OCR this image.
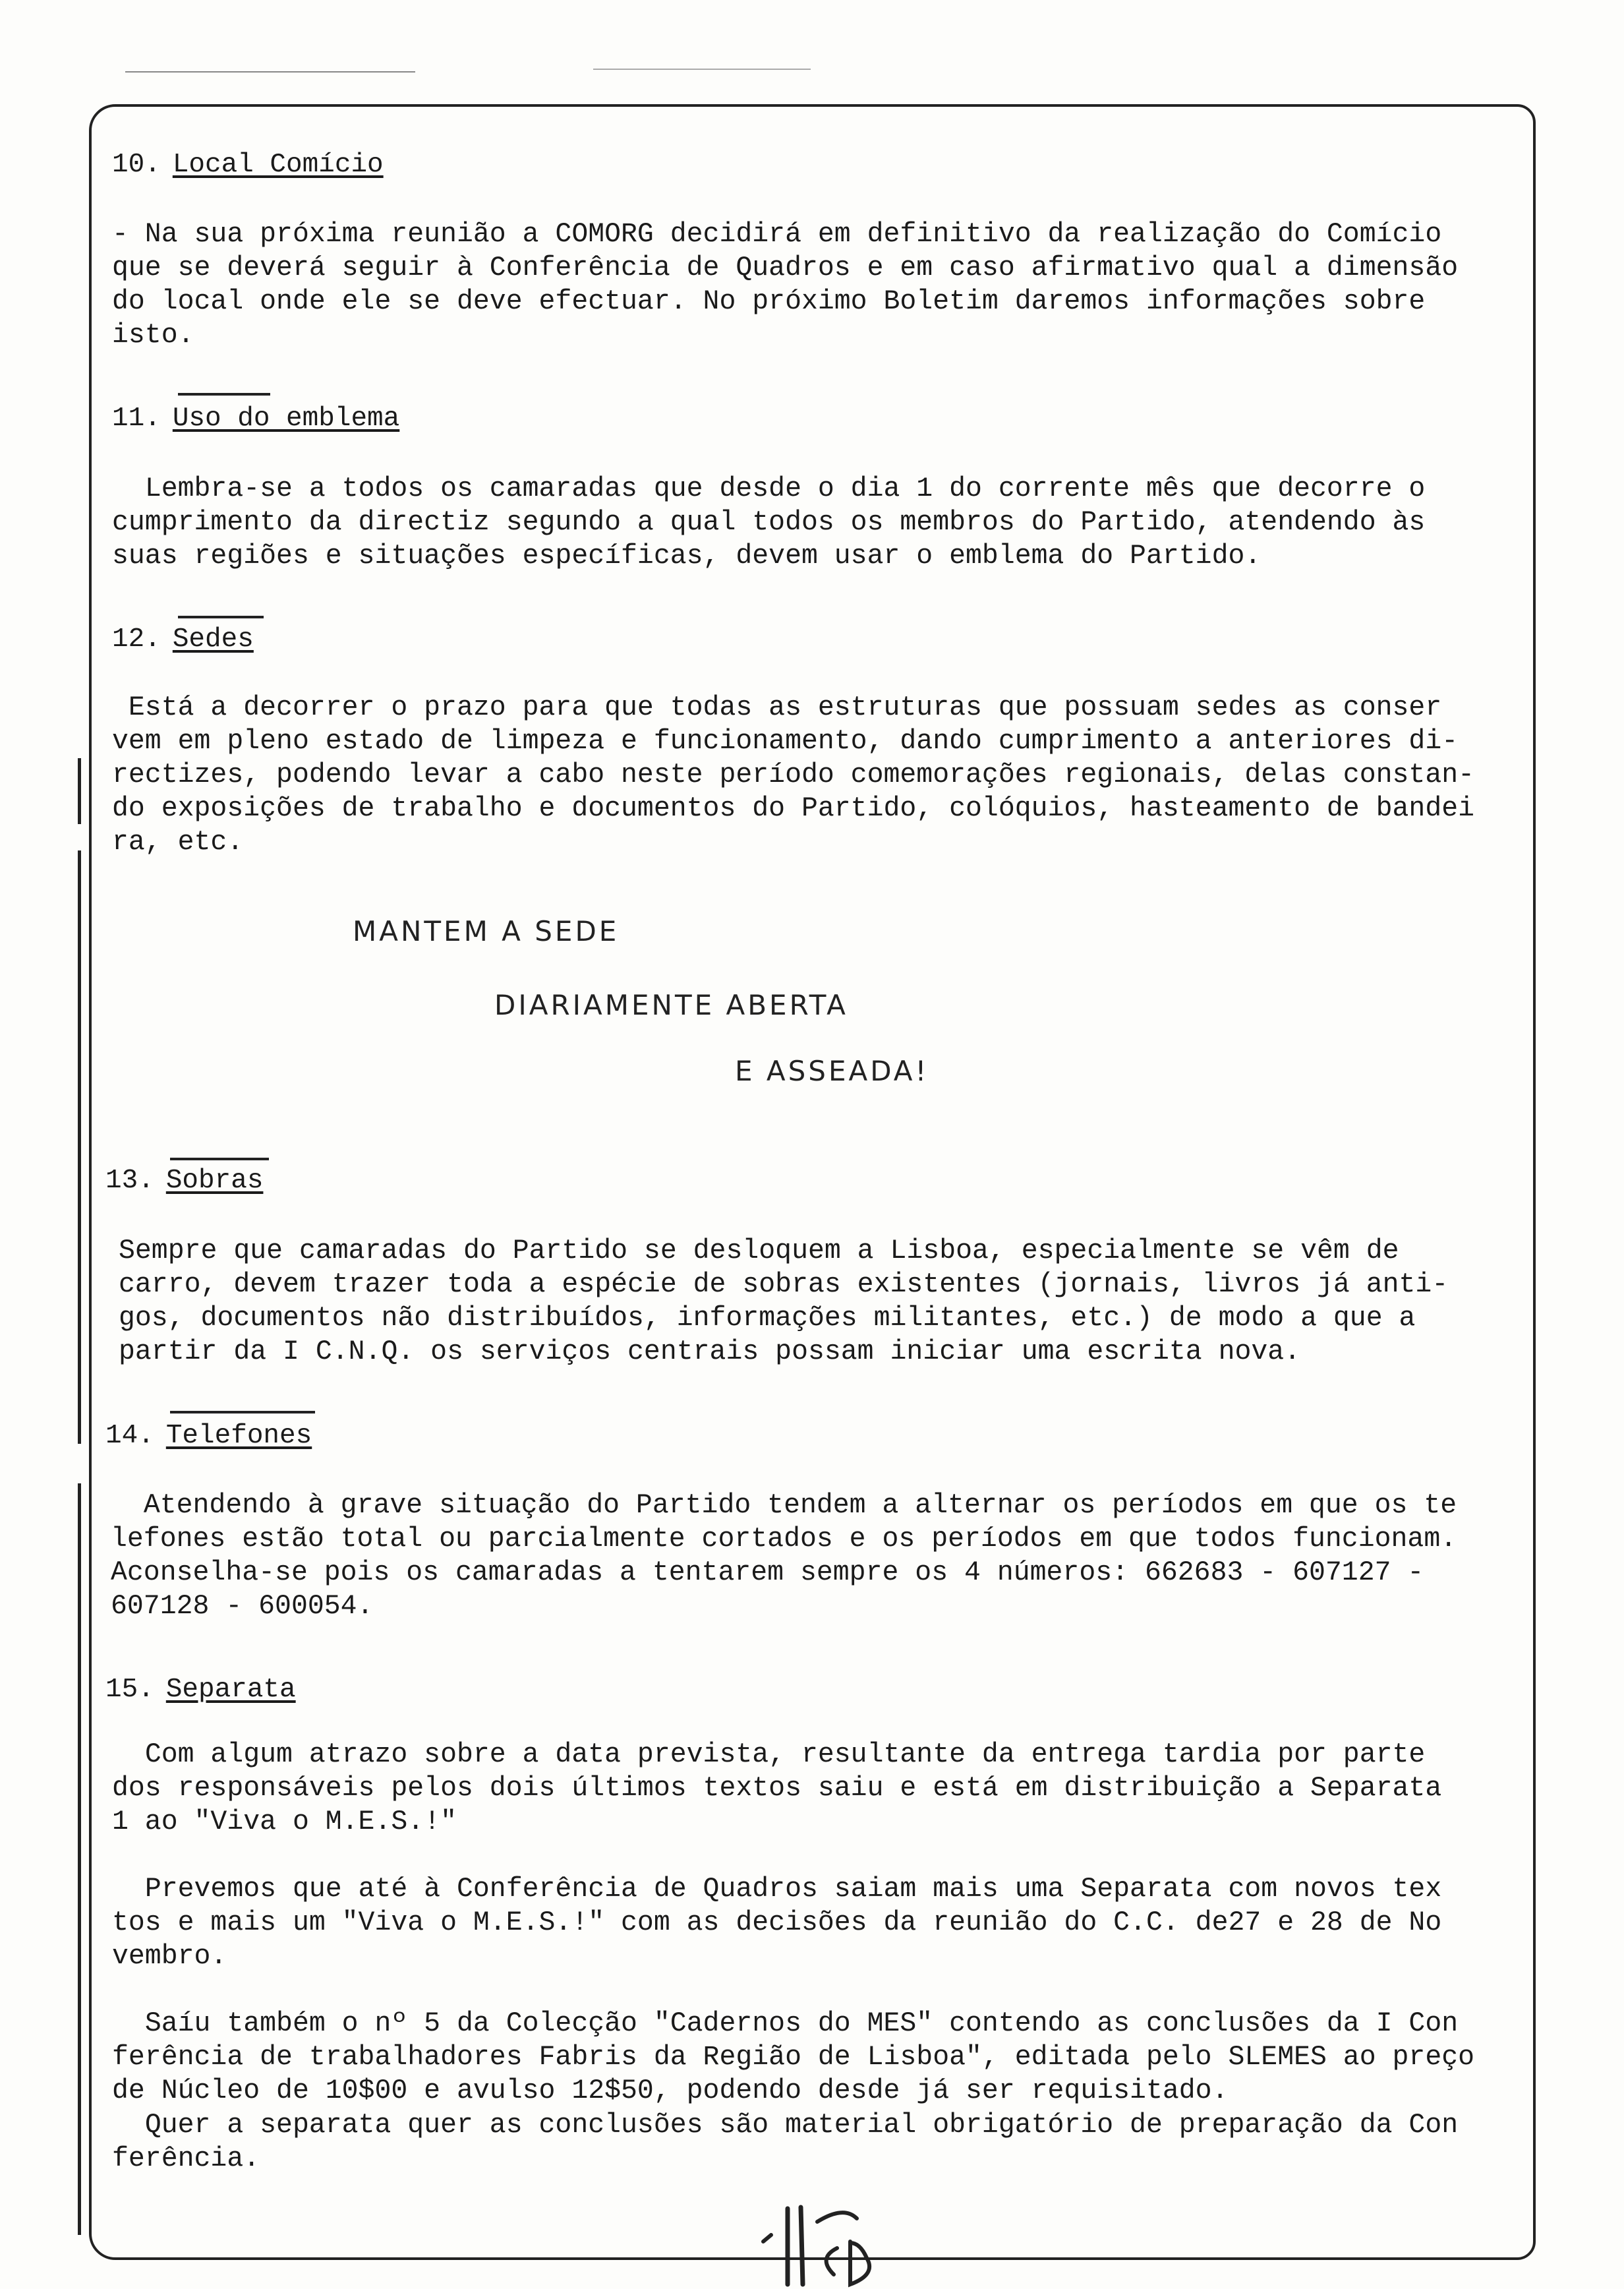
10. Local Comício
- Na sua próxima reunião a COMORG decidirá em definitivo da realização do Comício
que se deverá seguir à Conferência de Quadros e em caso afirmativo qual a dimensão
do local onde ele se deve efectuar. No próximo Boletim daremos informações sobre
isto.
11. Uso do emblema
Lembra-se a todos os camaradas que desde o dia 1 do corrente mês que decorre o
cumprimento da directiz segundo a qual todos os membros do Partido, atendendo às
suas regiões e situações específicas, devem usar o emblema do Partido.
12. Sedes
Está a decorrer o prazo para que todas as estruturas que possuam sedes as conser
vem em pleno estado de limpeza e funcionamento, dando cumprimento a anteriores di-
rectizes, podendo levar a cabo neste período comemorações regionais, delas constan-
do exposições de trabalho e documentos do Partido, colóquios, hasteamento de bandei
ra, etc.
MANTEM A SEDE
DIARIAMENTE ABERTA
E ASSEADA!
13. Sobras
Sempre que camaradas do Partido se desloquem a Lisboa, especialmente se vêm de
carro, devem trazer toda a espécie de sobras existentes (jornais, livros já anti-
gos, documentos não distribuídos, informações militantes, etc.) de modo a que a
partir da I C.N.Q. os serviços centrais possam iniciar uma escrita nova.
14. Telefones
Atendendo à grave situação do Partido tendem a alternar os períodos em que os te
lefones estão total ou parcialmente cortados e os períodos em que todos funcionam.
Aconselha-se pois os camaradas a tentarem sempre os 4 números: 662683 - 607127 -
607128 - 600054.
15. Separata
Com algum atrazo sobre a data prevista, resultante da entrega tardia por parte
dos responsáveis pelos dois últimos textos saiu e está em distribuição a Separata
1 ao "Viva o M.E.S.!"
Prevemos que até à Conferência de Quadros saiam mais uma Separata com novos tex
tos e mais um "Viva o M.E.S.!" com as decisões da reunião do C.C. de27 e 28 de No
vembro.
Saíu também o nº 5 da Colecção "Cadernos do MES" contendo as conclusões da I Con
ferência de trabalhadores Fabris da Região de Lisboa", editada pelo SLEMES ao preço
de Núcleo de 10$00 e avulso 12$50, podendo desde já ser requisitado.
Quer a separata quer as conclusões são material obrigatório de preparação da Con
ferência.
